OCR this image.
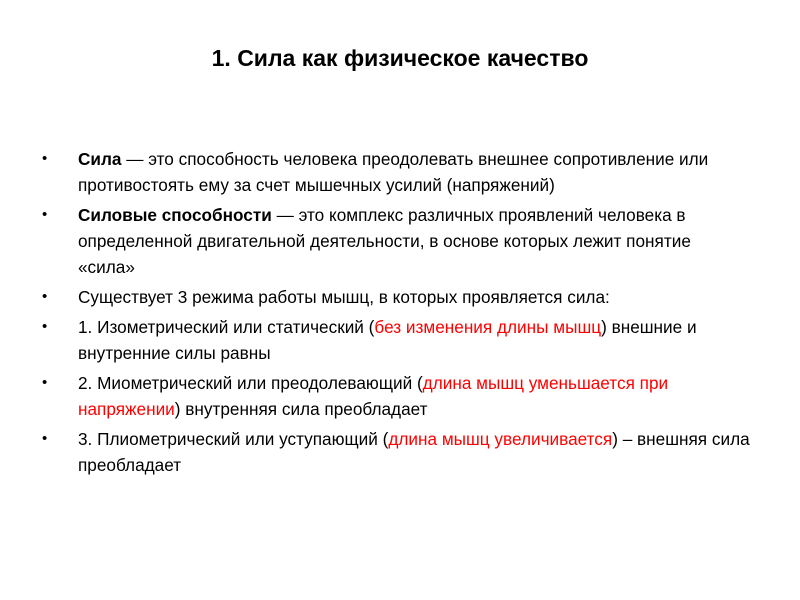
1. Сила как физическое качество
• Сила — это способность человека преодолевать внешнее сопротивление или противостоять ему за счет мышечных усилий (напряжений)
• Силовые способности — это комплекс различных проявлений человека в определенной двигательной деятельности, в основе которых лежит понятие «сила»
• Существует 3 режима работы мышц, в которых проявляется сила:
• 1. Изометрический или статический (без изменения длины мышц) внешние и внутренние силы равны
• 2. Миометрический или преодолевающий (длина мышц уменьшается при напряжении) внутренняя сила преобладает
• 3. Плиометрический или уступающий (длина мышц увеличивается) – внешняя сила преобладает
